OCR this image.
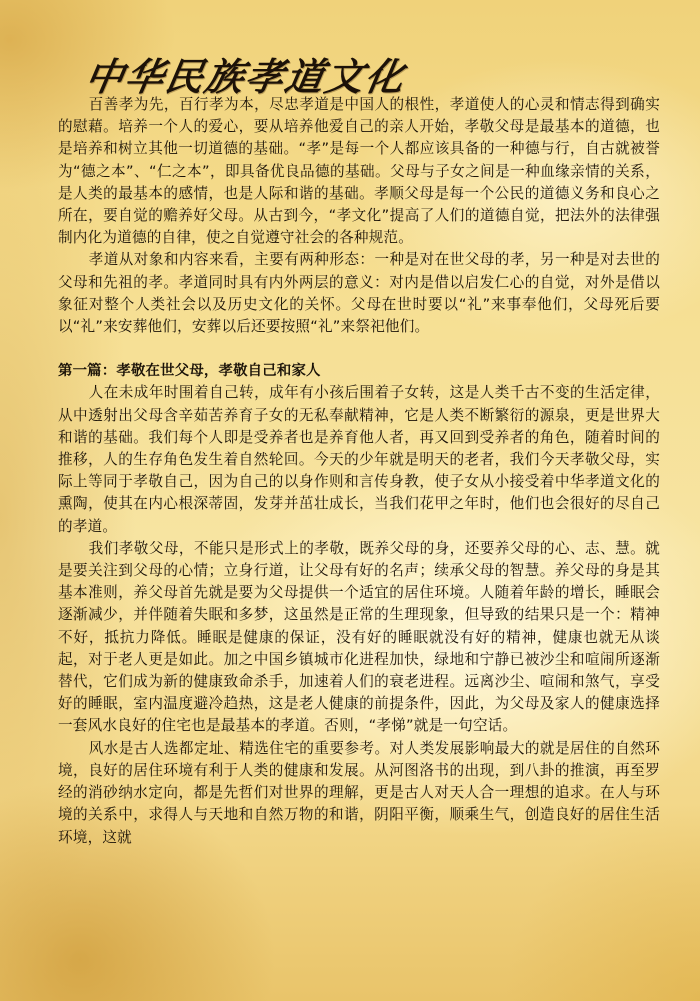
中华民族孝道文化

百善孝为先，百行孝为本，尽忠孝道是中国人的根性，孝道使人的心灵和情志得到确实的慰藉。培养一个人的爱心，要从培养他爱自己的亲人开始，孝敬父母是最基本的道德，也是培养和树立其他一切道德的基础。“孝”是每一个人都应该具备的一种德与行，自古就被誉为“德之本”、“仁之本”，即具备优良品德的基础。父母与子女之间是一种血缘亲情的关系，是人类的最基本的感情，也是人际和谐的基础。孝顺父母是每一个公民的道德义务和良心之所在，要自觉的赡养好父母。从古到今，“孝文化”提高了人们的道德自觉，把法外的法律强制内化为道德的自律，使之自觉遵守社会的各种规范。

孝道从对象和内容来看，主要有两种形态：一种是对在世父母的孝，另一种是对去世的父母和先祖的孝。孝道同时具有内外两层的意义：对内是借以启发仁心的自觉，对外是借以象征对整个人类社会以及历史文化的关怀。父母在世时要以“礼”来事奉他们，父母死后要以“礼”来安葬他们，安葬以后还要按照“礼”来祭祀他们。

第一篇：孝敬在世父母，孝敬自己和家人

人在未成年时围着自己转，成年有小孩后围着子女转，这是人类千古不变的生活定律，从中透射出父母含辛茹苦养育子女的无私奉献精神，它是人类不断繁衍的源泉，更是世界大和谐的基础。我们每个人即是受养者也是养育他人者，再又回到受养者的角色，随着时间的推移，人的生存角色发生着自然轮回。今天的少年就是明天的老者，我们今天孝敬父母，实际上等同于孝敬自己，因为自己的以身作则和言传身教，使子女从小接受着中华孝道文化的熏陶，使其在内心根深蒂固，发芽并茁壮成长，当我们花甲之年时，他们也会很好的尽自己的孝道。

我们孝敬父母，不能只是形式上的孝敬，既养父母的身，还要养父母的心、志、慧。就是要关注到父母的心情；立身行道，让父母有好的名声；续承父母的智慧。养父母的身是其基本准则，养父母首先就是要为父母提供一个适宜的居住环境。人随着年龄的增长，睡眠会逐渐减少，并伴随着失眠和多梦，这虽然是正常的生理现象，但导致的结果只是一个：精神不好，抵抗力降低。睡眠是健康的保证，没有好的睡眠就没有好的精神，健康也就无从谈起，对于老人更是如此。加之中国乡镇城市化进程加快，绿地和宁静已被沙尘和喧闹所逐渐替代，它们成为新的健康致命杀手，加速着人们的衰老进程。远离沙尘、喧闹和煞气，享受好的睡眠，室内温度避冷趋热，这是老人健康的前提条件，因此，为父母及家人的健康选择一套风水良好的住宅也是最基本的孝道。否则，“孝悌”就是一句空话。

风水是古人选都定址、精选住宅的重要参考。对人类发展影响最大的就是居住的自然环境，良好的居住环境有利于人类的健康和发展。从河图洛书的出现，到八卦的推演，再至罗经的消砂纳水定向，都是先哲们对世界的理解，更是古人对天人合一理想的追求。在人与环境的关系中，求得人与天地和自然万物的和谐，阴阳平衡，顺乘生气，创造良好的居住生活环境，这就
